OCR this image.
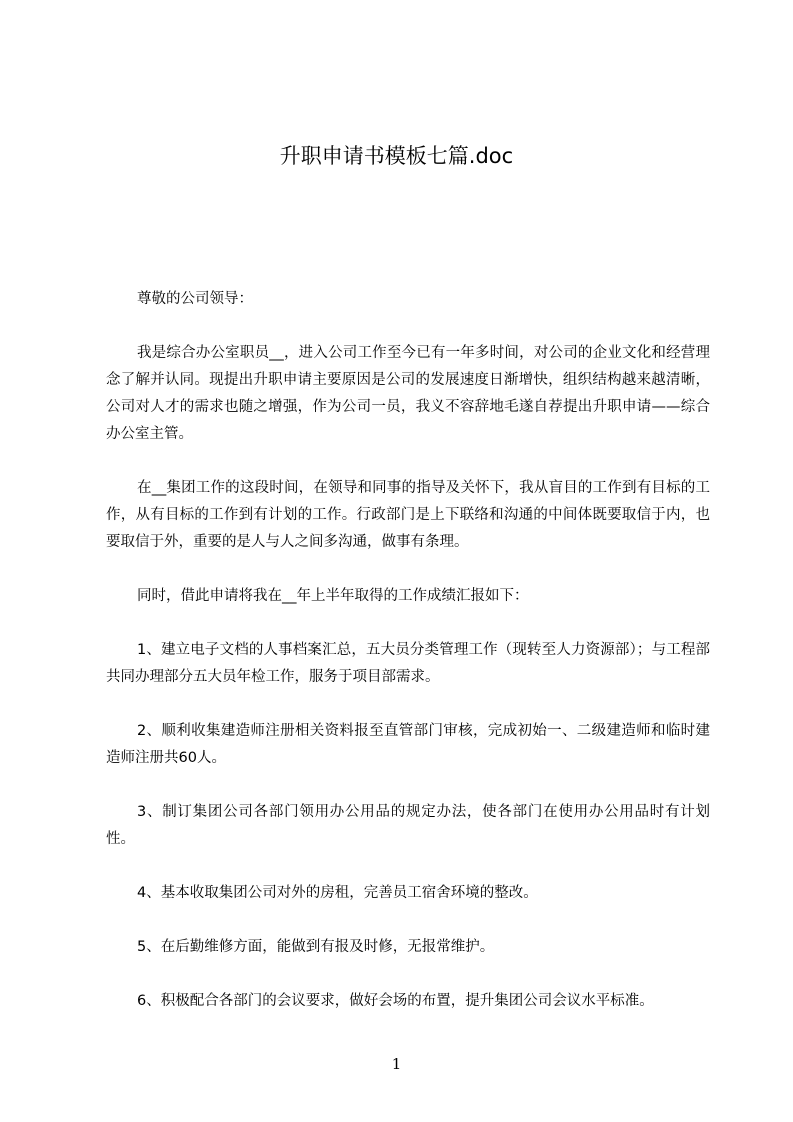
升职申请书模板七篇.doc

尊敬的公司领导：

我是综合办公室职员__，进入公司工作至今已有一年多时间，对公司的企业文化和经营理念了解并认同。现提出升职申请主要原因是公司的发展速度日渐增快，组织结构越来越清晰，公司对人才的需求也随之增强，作为公司一员，我义不容辞地毛遂自荐提出升职申请——综合办公室主管。

在__集团工作的这段时间，在领导和同事的指导及关怀下，我从盲目的工作到有目标的工作，从有目标的工作到有计划的工作。行政部门是上下联络和沟通的中间体既要取信于内，也要取信于外，重要的是人与人之间多沟通，做事有条理。

同时，借此申请将我在__年上半年取得的工作成绩汇报如下：

1、建立电子文档的人事档案汇总，五大员分类管理工作（现转至人力资源部）；与工程部共同办理部分五大员年检工作，服务于项目部需求。

2、顺利收集建造师注册相关资料报至直管部门审核，完成初始一、二级建造师和临时建造师注册共60人。

3、制订集团公司各部门领用办公用品的规定办法，使各部门在使用办公用品时有计划性。

4、基本收取集团公司对外的房租，完善员工宿舍环境的整改。

5、在后勤维修方面，能做到有报及时修，无报常维护。

6、积极配合各部门的会议要求，做好会场的布置，提升集团公司会议水平标准。

1
